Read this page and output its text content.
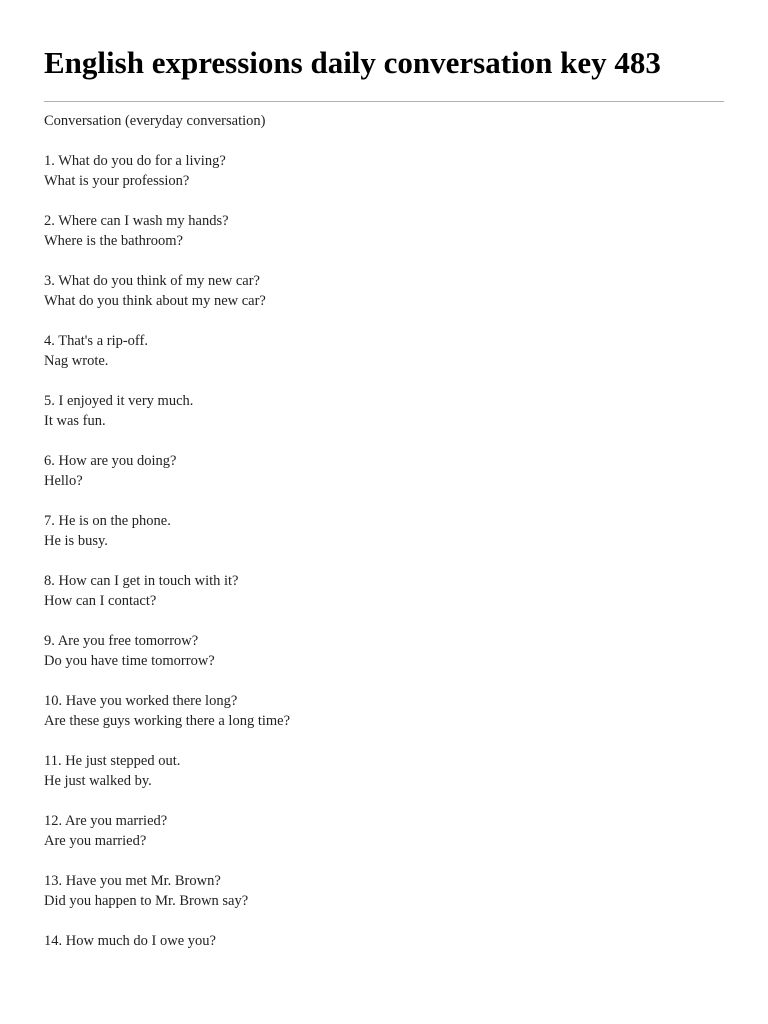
English expressions daily conversation key 483

Conversation (everyday conversation)

1. What do you do for a living?
What is your profession?
2. Where can I wash my hands?
Where is the bathroom?
3. What do you think of my new car?
What do you think about my new car?
4. That's a rip-off.
Nag wrote.
5. I enjoyed it very much.
It was fun.
6. How are you doing?
Hello?
7. He is on the phone.
He is busy.
8. How can I get in touch with it?
How can I contact?
9. Are you free tomorrow?
Do you have time tomorrow?
10. Have you worked there long?
Are these guys working there a long time?
11. He just stepped out.
He just walked by.
12. Are you married?
Are you married?
13. Have you met Mr. Brown?
Did you happen to Mr. Brown say?
14. How much do I owe you?
